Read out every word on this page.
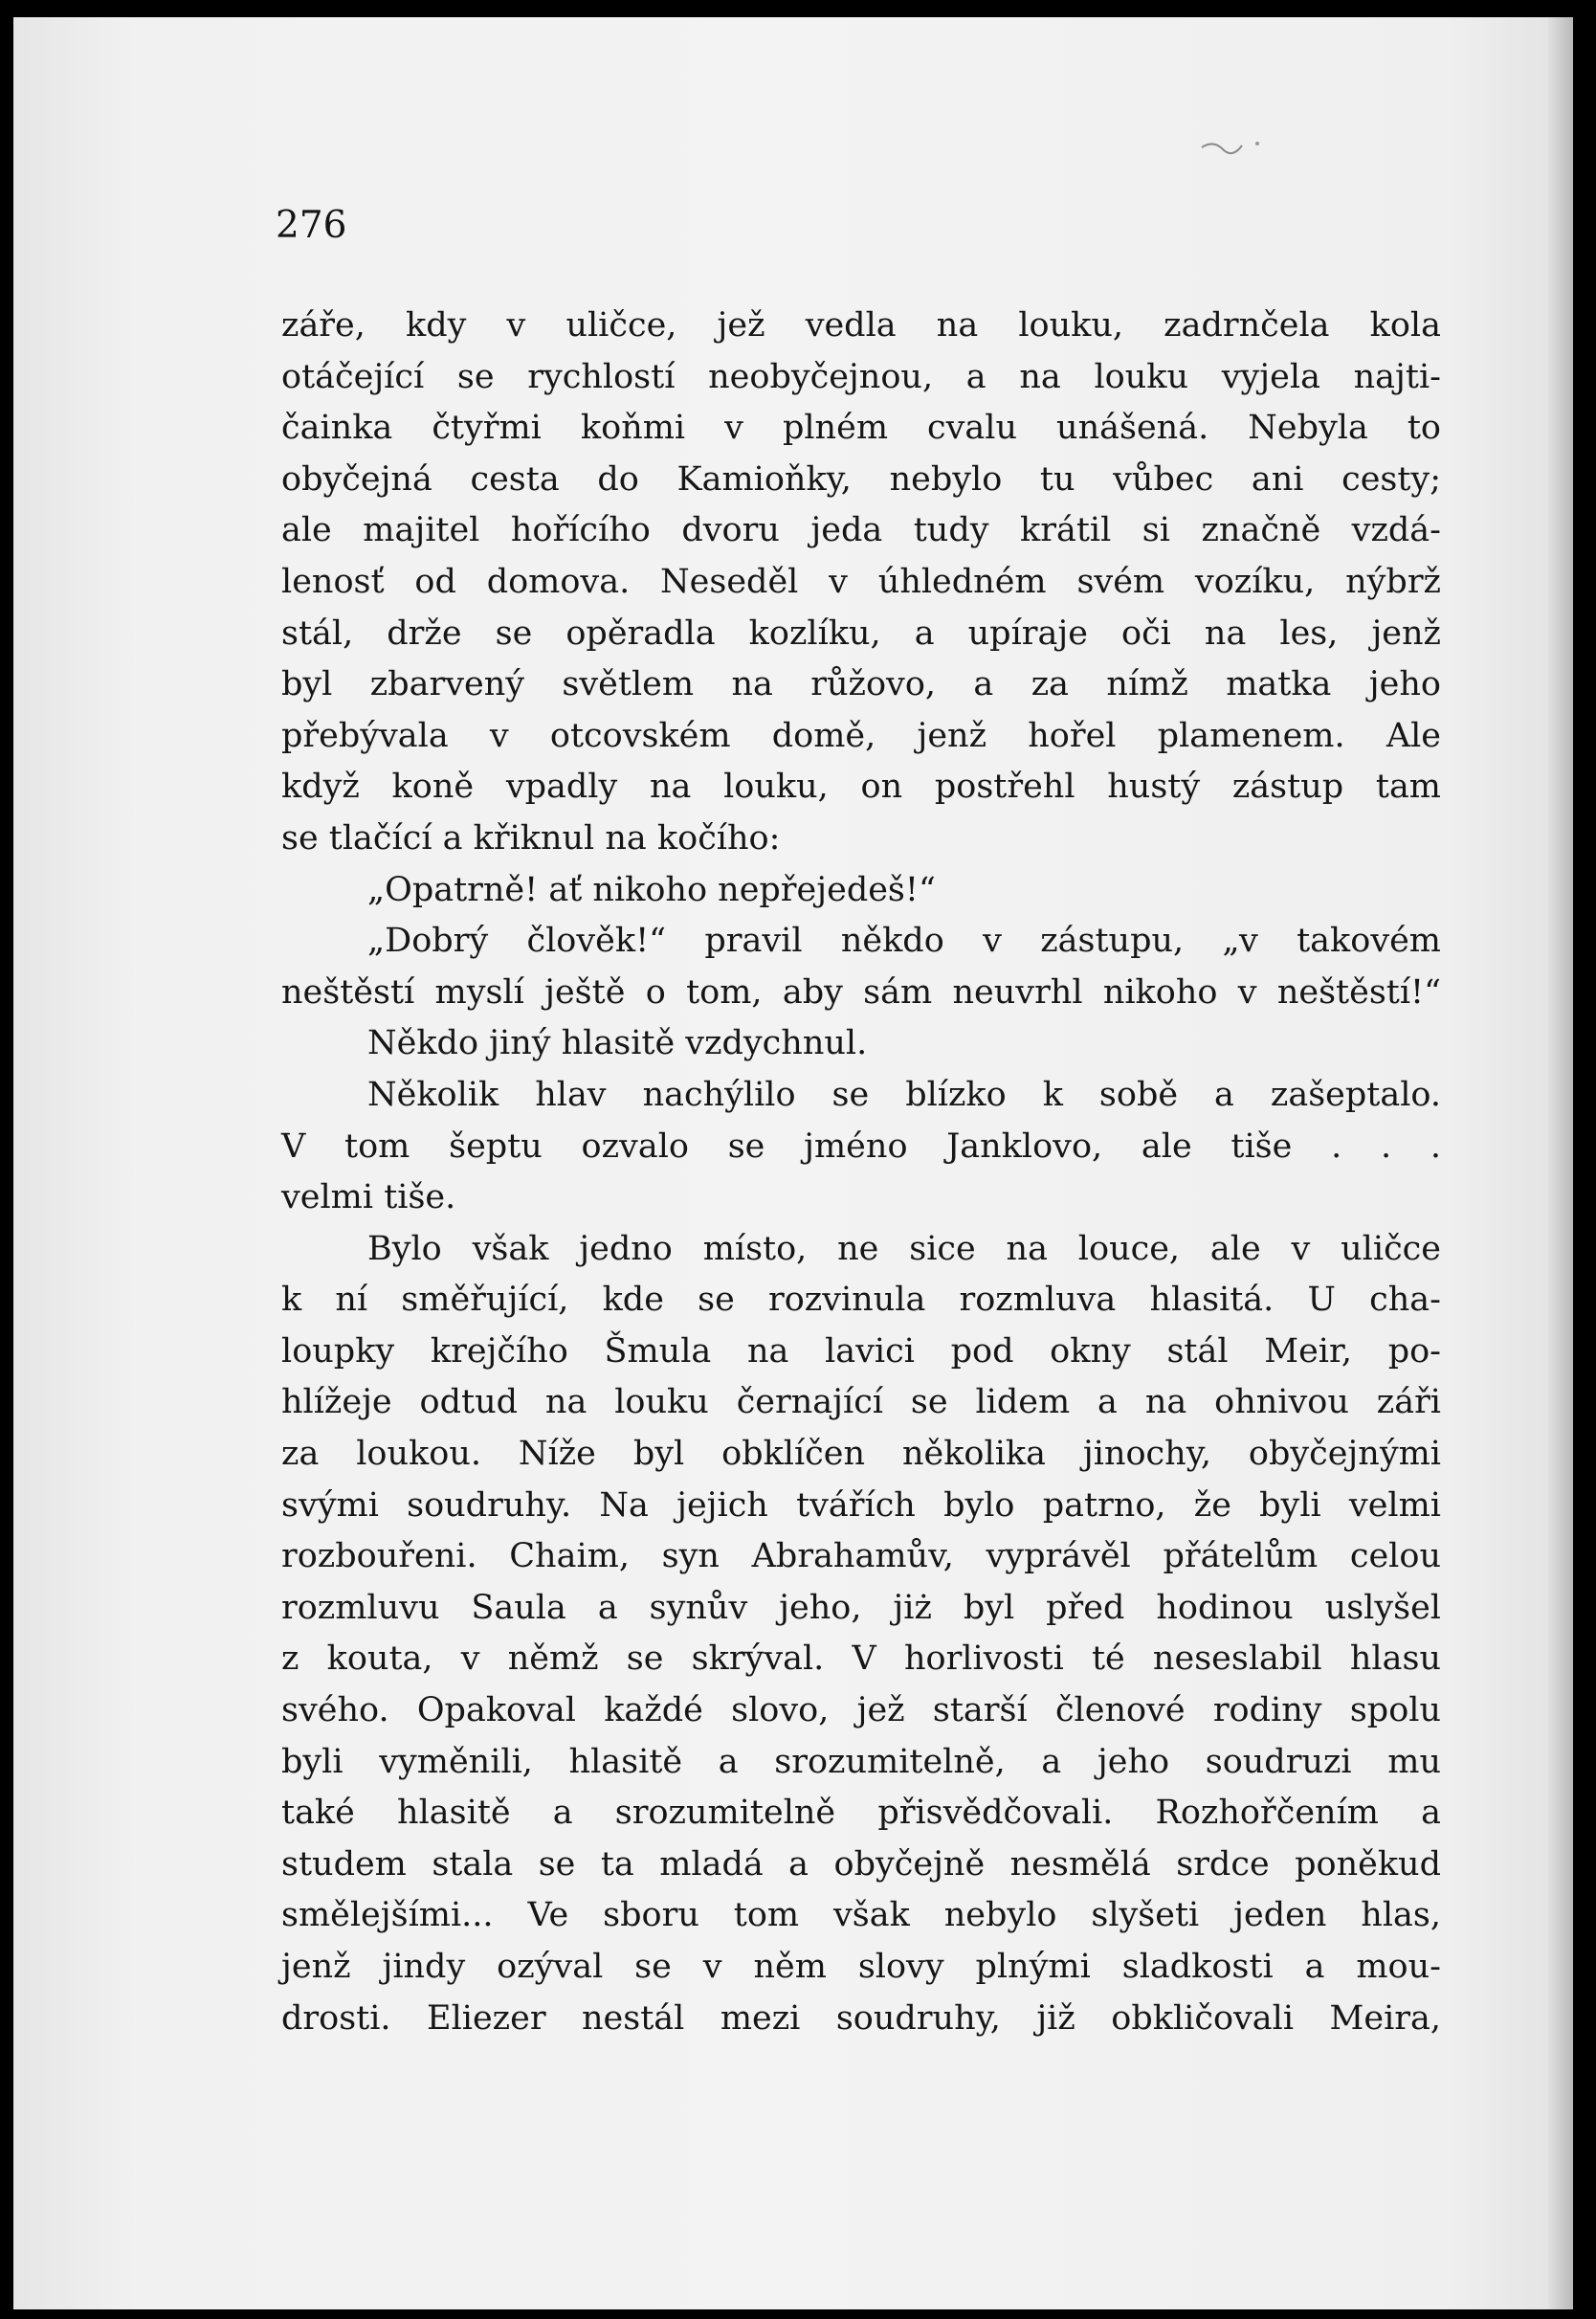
276
záře, kdy v uličce, jež vedla na louku, zadrnčela kola
otáčející se rychlostí neobyčejnou, a na louku vyjela najti-
čainka čtyřmi koňmi v plném cvalu unášená. Nebyla to
obyčejná cesta do Kamioňky, nebylo tu vůbec ani cesty;
ale majitel hořícího dvoru jeda tudy krátil si značně vzdá-
lenosť od domova. Neseděl v úhledném svém vozíku, nýbrž
stál, drže se opěradla kozlíku, a upíraje oči na les, jenž
byl zbarvený světlem na růžovo, a za nímž matka jeho
přebývala v otcovském domě, jenž hořel plamenem. Ale
když koně vpadly na louku, on postřehl hustý zástup tam
se tlačící a křiknul na kočího:
„Opatrně! ať nikoho nepřejedeš!“
„Dobrý člověk!“ pravil někdo v zástupu, „v takovém
neštěstí myslí ještě o tom, aby sám neuvrhl nikoho v neštěstí!“
Někdo jiný hlasitě vzdychnul.
Několik hlav nachýlilo se blízko k sobě a zašeptalo.
V tom šeptu ozvalo se jméno Janklovo, ale tiše . . .
velmi tiše.
Bylo však jedno místo, ne sice na louce, ale v uličce
k ní směřující, kde se rozvinula rozmluva hlasitá. U cha-
loupky krejčího Šmula na lavici pod okny stál Meir, po-
hlížeje odtud na louku černající se lidem a na ohnivou záři
za loukou. Níže byl obklíčen několika jinochy, obyčejnými
svými soudruhy. Na jejich tvářích bylo patrno, že byli velmi
rozbouřeni. Chaim, syn Abrahamův, vyprávěl přátelům celou
rozmluvu Saula a synův jeho, jiż byl před hodinou uslyšel
z kouta, v němž se skrýval. V horlivosti té neseslabil hlasu
svého. Opakoval každé slovo, jež starší členové rodiny spolu
byli vyměnili, hlasitě a srozumitelně, a jeho soudruzi mu
také hlasitě a srozumitelně přisvědčovali. Rozhořčením a
studem stala se ta mladá a obyčejně nesmělá srdce poněkud
smělejšími... Ve sboru tom však nebylo slyšeti jeden hlas,
jenž jindy ozýval se v něm slovy plnými sladkosti a mou-
drosti. Eliezer nestál mezi soudruhy, již obkličovali Meira,
